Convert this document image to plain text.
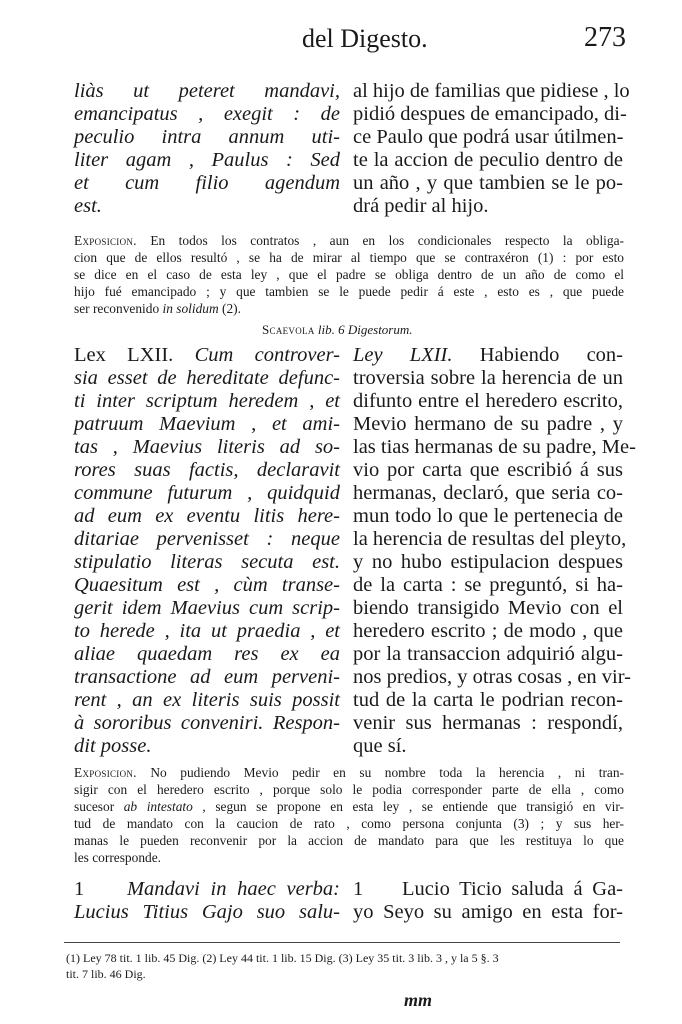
del Digesto.	273
liàs ut peteret mandavi,
emancipatus , exegit : de
peculio intra annum uti-
liter agam , Paulus : Sed
et cum filio agendum
est.
al hijo de familias que pidiese , lo
pidió despues de emancipado, di-
ce Paulo que podrá usar útilmen-
te la accion de peculio dentro de
un año , y que tambien se le po-
drá pedir al hijo.
Exposicion. En todos los contratos , aun en los condicionales respecto la obliga-
cion que de ellos resultó , se ha de mirar al tiempo que se contraxéron (1) : por esto
se dice en el caso de esta ley , que el padre se obliga dentro de un año de como el
hijo fué emancipado ; y que tambien se le puede pedir á este , esto es , que puede
ser reconvenido in solidum (2).
Scaevola lib. 6 Digestorum.
Lex LXII. Cum controver-
sia esset de hereditate defunc-
ti inter scriptum heredem , et
patruum Maevium , et ami-
tas , Maevius literis ad so-
rores suas factis, declaravit
commune futurum , quidquid
ad eum ex eventu litis here-
ditariae pervenisset : neque
stipulatio literas secuta est.
Quaesitum est , cùm transe-
gerit idem Maevius cum scrip-
to herede , ita ut praedia , et
aliae quaedam res ex ea
transactione ad eum perveni-
rent , an ex literis suis possit
à sororibus conveniri. Respon-
dit posse.
Ley LXII. Habiendo con-
troversia sobre la herencia de un
difunto entre el heredero escrito,
Mevio hermano de su padre , y
las tias hermanas de su padre, Me-
vio por carta que escribió á sus
hermanas, declaró, que seria co-
mun todo lo que le pertenecia de
la herencia de resultas del pleyto,
y no hubo estipulacion despues
de la carta : se preguntó, si ha-
biendo transigido Mevio con el
heredero escrito ; de modo , que
por la transaccion adquirió algu-
nos predios, y otras cosas , en vir-
tud de la carta le podrian recon-
venir sus hermanas : respondí,
que sí.
Exposicion. No pudiendo Mevio pedir en su nombre toda la herencia , ni tran-
sigir con el heredero escrito , porque solo le podia corresponder parte de ella , como
sucesor ab intestato , segun se propone en esta ley , se entiende que transigió en vir-
tud de mandato con la caucion de rato , como persona conjunta (3) ; y sus her-
manas le pueden reconvenir por la accion de mandato para que les restituya lo que
les corresponde.
1 Mandavi in haec verba:
Lucius Titius Gajo suo salu-
1 Lucio Ticio saluda á Ga-
yo Seyo su amigo en esta for-
(1) Ley 78 tit. 1 lib. 45 Dig. (2) Ley 44 tit. 1 lib. 15 Dig. (3) Ley 35 tit. 3 lib. 3 , y la 5 §. 3
tit. 7 lib. 46 Dig.
mm
